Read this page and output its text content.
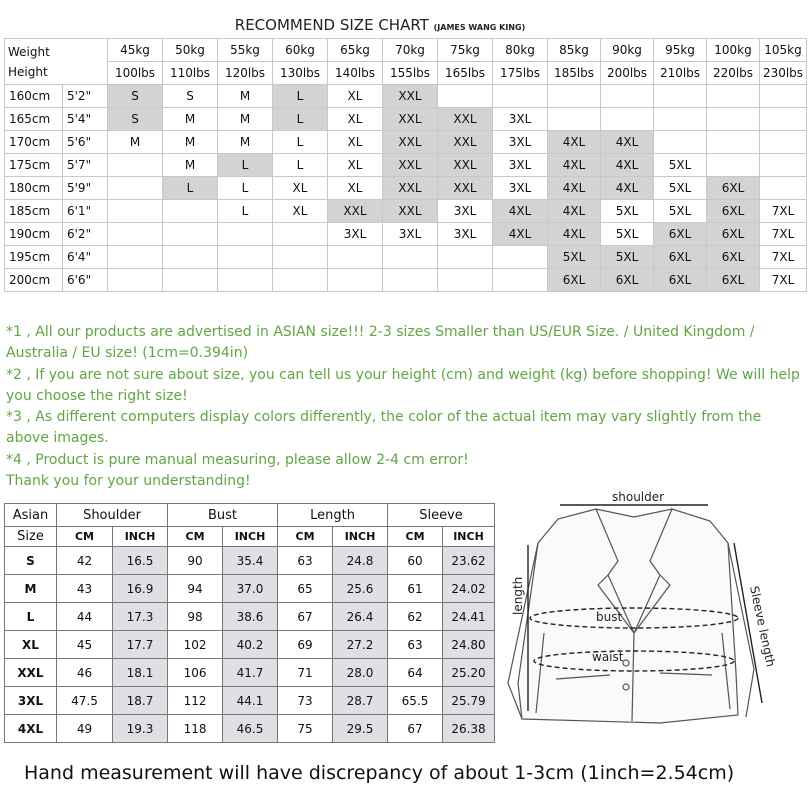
RECOMMEND SIZE CHART (JAMES WANG KING)
Weight
Height		45kg	50kg	55kg	60kg	65kg	70kg	75kg	80kg	85kg	90kg	95kg	100kg	105kg
		100lbs	110lbs	120lbs	130lbs	140lbs	155lbs	165lbs	175lbs	185lbs	200lbs	210lbs	220lbs	230lbs
160cm	5'2"	S	S	M	L	XL	XXL							
165cm	5'4"	S	M	M	L	XL	XXL	XXL	3XL					
170cm	5'6"	M	M	M	L	XL	XXL	XXL	3XL	4XL	4XL			
175cm	5'7"		M	L	L	XL	XXL	XXL	3XL	4XL	4XL	5XL		
180cm	5'9"		L	L	XL	XL	XXL	XXL	3XL	4XL	4XL	5XL	6XL	
185cm	6'1"			L	XL	XXL	XXL	3XL	4XL	4XL	5XL	5XL	6XL	7XL
190cm	6'2"					3XL	3XL	3XL	4XL	4XL	5XL	6XL	6XL	7XL
195cm	6'4"									5XL	5XL	6XL	6XL	7XL
200cm	6'6"									6XL	6XL	6XL	6XL	7XL

*1 , All our products are advertised in ASIAN size!!! 2-3 sizes Smaller than US/EUR Size. / United Kingdom / Australia / EU size! (1cm=0.394in)

*2 , If you are not sure about size, you can tell us your height (cm) and weight (kg) before shopping! We will help you choose the right size!

*3 , As different computers display colors differently, the color of the actual item may vary slightly from the above images.

*4 , Product is pure manual measuring, please allow 2-4 cm error!

Thank you for your understanding!

Asian	Shoulder		Bust		Length		Sleeve	
Size	CM	INCH	CM	INCH	CM	INCH	CM	INCH
S	42	16.5	90	35.4	63	24.8	60	23.62
M	43	16.9	94	37.0	65	25.6	61	24.02
L	44	17.3	98	38.6	67	26.4	62	24.41
XL	45	17.7	102	40.2	69	27.2	63	24.80
XXL	46	18.1	106	41.7	71	28.0	64	25.20
3XL	47.5	18.7	112	44.1	73	28.7	65.5	25.79
4XL	49	19.3	118	46.5	75	29.5	67	26.38
shoulder
length
bust
waist	Sleeve length
Hand measurement will have discrepancy of about 1-3cm (1inch=2.54cm)
